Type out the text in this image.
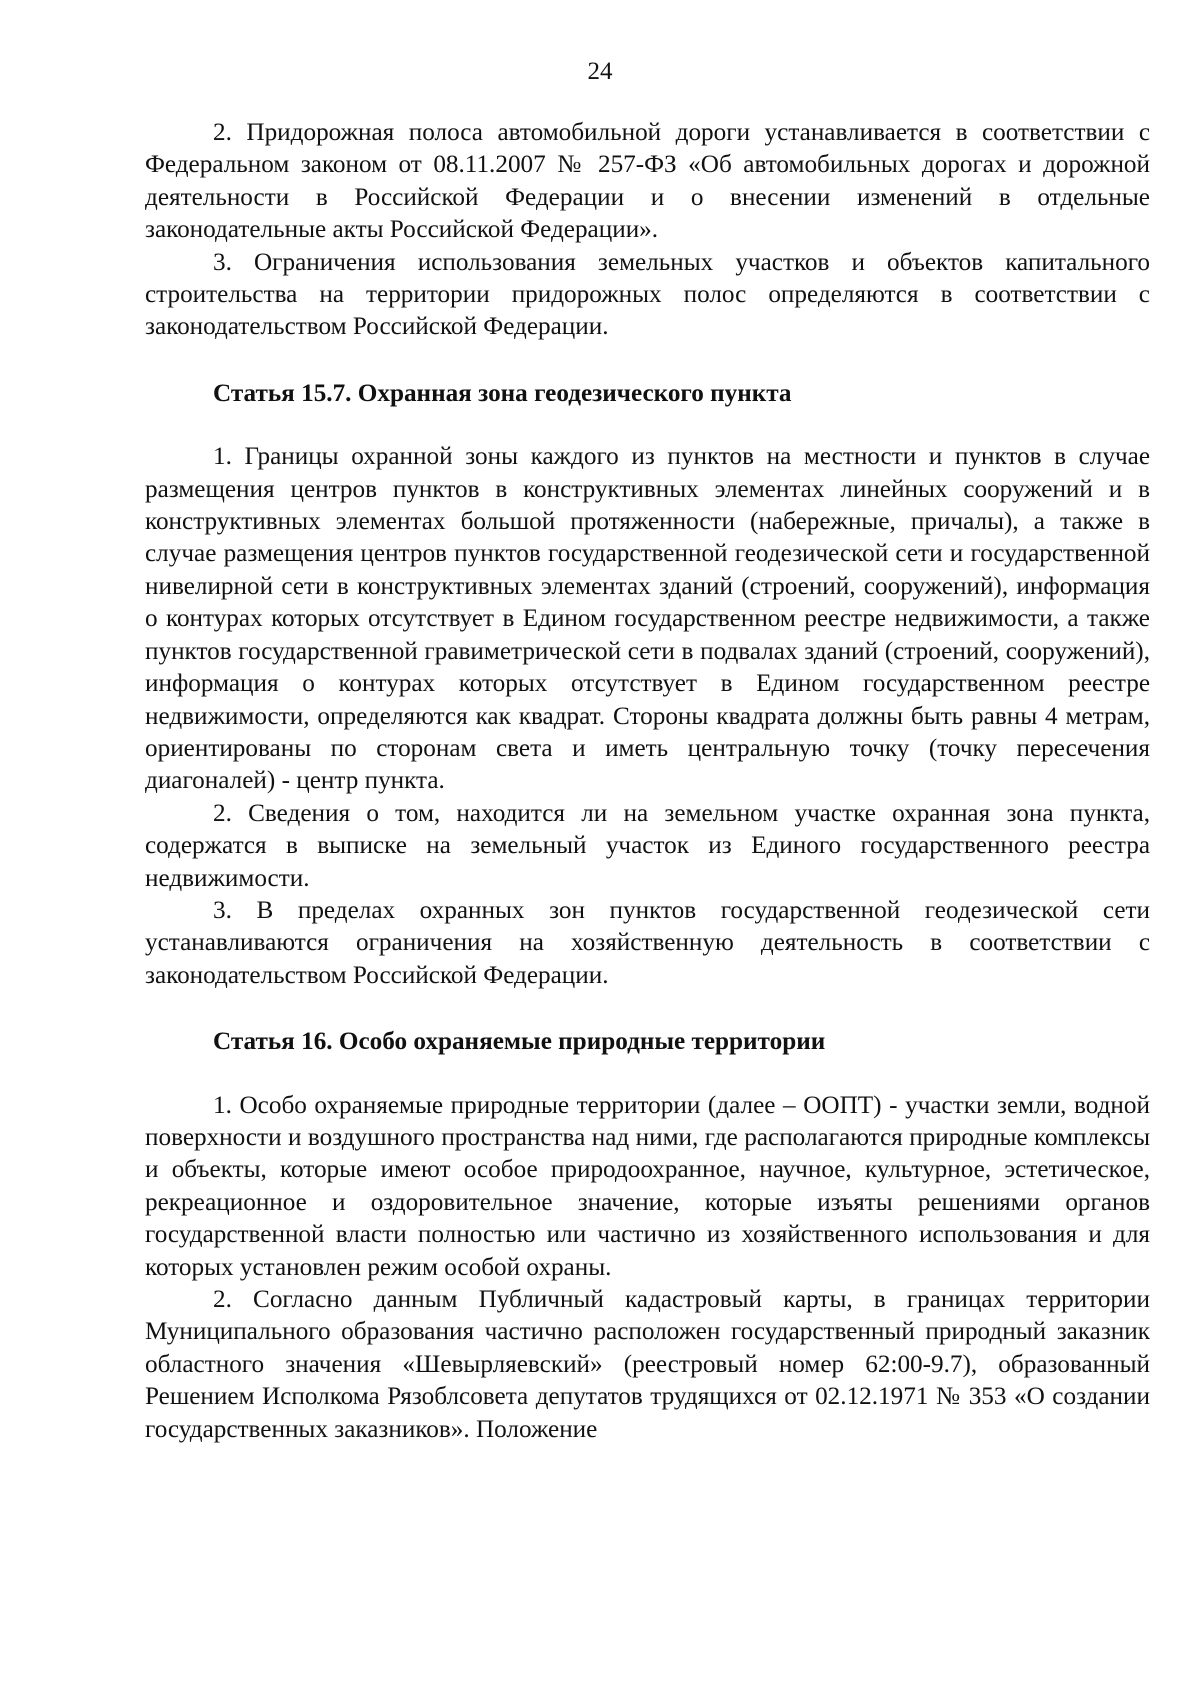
24

2. Придорожная полоса автомобильной дороги устанавливается в соответствии с Федеральном законом от 08.11.2007 № 257-ФЗ «Об автомобильных дорогах и дорожной деятельности в Российской Федерации и о внесении изменений в отдельные законодательные акты Российской Федерации».

3. Ограничения использования земельных участков и объектов капитального строительства на территории придорожных полос определяются в соответствии с законодательством Российской Федерации.

Статья 15.7. Охранная зона геодезического пункта

1. Границы охранной зоны каждого из пунктов на местности и пунктов в случае размещения центров пунктов в конструктивных элементах линейных сооружений и в конструктивных элементах большой протяженности (набережные, причалы), а также в случае размещения центров пунктов государственной геодезической сети и государственной нивелирной сети в конструктивных элементах зданий (строений, сооружений), информация о контурах которых отсутствует в Едином государственном реестре недвижимости, а также пунктов государственной гравиметрической сети в подвалах зданий (строений, сооружений), информация о контурах которых отсутствует в Едином государственном реестре недвижимости, определяются как квадрат. Стороны квадрата должны быть равны 4 метрам, ориентированы по сторонам света и иметь центральную точку (точку пересечения диагоналей) - центр пункта.

2. Сведения о том, находится ли на земельном участке охранная зона пункта, содержатся в выписке на земельный участок из Единого государственного реестра недвижимости.

3. В пределах охранных зон пунктов государственной геодезической сети устанавливаются ограничения на хозяйственную деятельность в соответствии с законодательством Российской Федерации.

Статья 16. Особо охраняемые природные территории

1. Особо охраняемые природные территории (далее – ООПТ) - участки земли, водной поверхности и воздушного пространства над ними, где располагаются природные комплексы и объекты, которые имеют особое природоохранное, научное, культурное, эстетическое, рекреационное и оздоровительное значение, которые изъяты решениями органов государственной власти полностью или частично из хозяйственного использования и для которых установлен режим особой охраны.

2. Согласно данным Публичный кадастровый карты, в границах территории Муниципального образования частично расположен государственный природный заказник областного значения «Шевырляевский» (реестровый номер 62:00-9.7), образованный Решением Исполкома Рязоблсовета депутатов трудящихся от 02.12.1971 № 353 «О создании государственных заказников». Положение
